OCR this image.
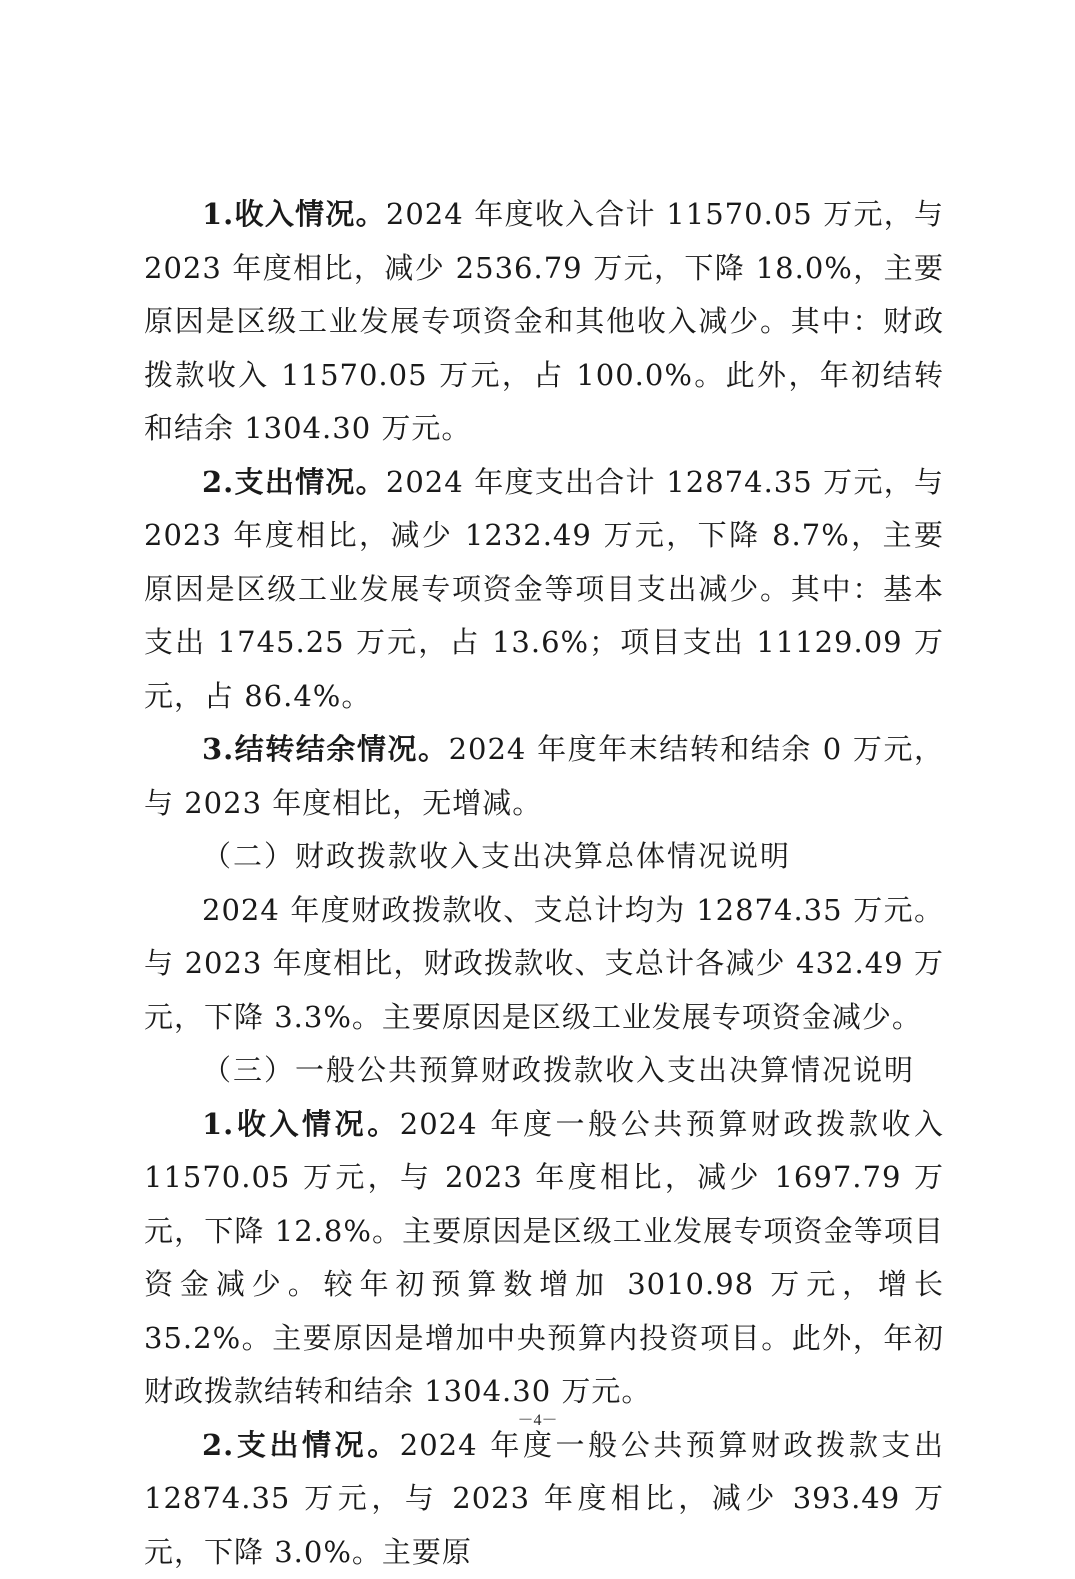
1.收入情况。2024 年度收入合计 11570.05 万元，与 2023 年度相比，减少 2536.79 万元，下降 18.0%，主要原因是区级工业发展专项资金和其他收入减少。其中：财政拨款收入 11570.05 万元，占 100.0%。此外，年初结转和结余 1304.30 万元。

2.支出情况。2024 年度支出合计 12874.35 万元，与 2023 年度相比，减少 1232.49 万元，下降 8.7%，主要原因是区级工业发展专项资金等项目支出减少。其中：基本支出 1745.25 万元，占 13.6%；项目支出 11129.09 万元，占 86.4%。

3.结转结余情况。2024 年度年末结转和结余 0 万元，与 2023 年度相比，无增减。

（二）财政拨款收入支出决算总体情况说明

2024 年度财政拨款收、支总计均为 12874.35 万元。与 2023 年度相比，财政拨款收、支总计各减少 432.49 万元，下降 3.3%。主要原因是区级工业发展专项资金减少。

（三）一般公共预算财政拨款收入支出决算情况说明

1.收入情况。2024 年度一般公共预算财政拨款收入 11570.05 万元，与 2023 年度相比，减少 1697.79 万元，下降 12.8%。主要原因是区级工业发展专项资金等项目资金减少。较年初预算数增加 3010.98 万元，增长 35.2%。主要原因是增加中央预算内投资项目。此外，年初财政拨款结转和结余 1304.30 万元。

2.支出情况。2024 年度一般公共预算财政拨款支出 12874.35 万元，与 2023 年度相比，减少 393.49 万元，下降 3.0%。主要原

－4－
